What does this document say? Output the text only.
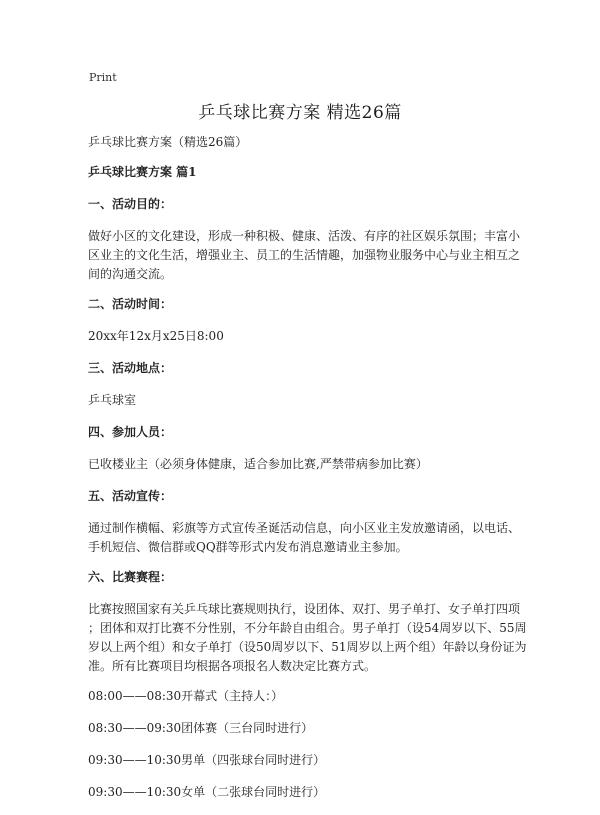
Print
乒乓球比赛方案 精选26篇

乒乓球比赛方案（精选26篇）

乒乓球比赛方案 篇1

一、活动目的：

做好小区的文化建设，形成一种积极、健康、活泼、有序的社区娱乐氛围；丰富小
区业主的文化生活，增强业主、员工的生活情趣，加强物业服务中心与业主相互之
间的沟通交流。

二、活动时间：

20xx年12x月x25日8:00

三、活动地点：

乒乓球室

四、参加人员：

已收楼业主（必须身体健康，适合参加比赛,严禁带病参加比赛）

五、活动宣传：

通过制作横幅、彩旗等方式宣传圣诞活动信息，向小区业主发放邀请函，以电话、
手机短信、微信群或QQ群等形式内发布消息邀请业主参加。

六、比赛赛程：

比赛按照国家有关乒乓球比赛规则执行，设团体、双打、男子单打、女子单打四项
；团体和双打比赛不分性别，不分年龄自由组合。男子单打（设54周岁以下、55周
岁以上两个组）和女子单打（设50周岁以下、51周岁以上两个组）年龄以身份证为
准。所有比赛项目均根据各项报名人数决定比赛方式。

08:00——08:30开幕式（主持人：）

08:30——09:30团体赛（三台同时进行）

09:30——10:30男单（四张球台同时进行）

09:30——10:30女单（二张球台同时进行）
